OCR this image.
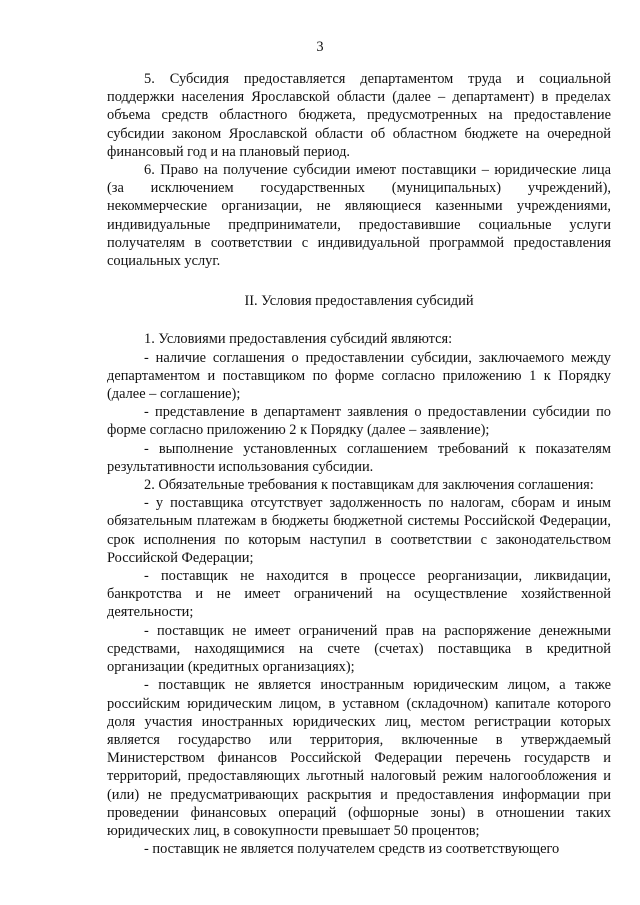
3

5. Субсидия предоставляется департаментом труда и социальной поддержки населения Ярославской области (далее – департамент) в пределах объема средств областного бюджета, предусмотренных на предоставление субсидии законом Ярославской области об областном бюджете на очередной финансовый год и на плановый период.

6. Право на получение субсидии имеют поставщики – юридические лица (за исключением государственных (муниципальных) учреждений), некоммерческие организации, не являющиеся казенными учреждениями, индивидуальные предприниматели, предоставившие социальные услуги получателям в соответствии с индивидуальной программой предоставления социальных услуг.

II. Условия предоставления субсидий

1. Условиями предоставления субсидий являются:

- наличие соглашения о предоставлении субсидии, заключаемого между департаментом и поставщиком по форме согласно приложению 1 к Порядку (далее – соглашение);

- представление в департамент заявления о предоставлении субсидии по форме согласно приложению 2 к Порядку (далее – заявление);

- выполнение установленных соглашением требований к показателям результативности использования субсидии.

2. Обязательные требования к поставщикам для заключения соглашения:

- у поставщика отсутствует задолженность по налогам, сборам и иным обязательным платежам в бюджеты бюджетной системы Российской Федерации, срок исполнения по которым наступил в соответствии с законодательством Российской Федерации;

- поставщик не находится в процессе реорганизации, ликвидации, банкротства и не имеет ограничений на осуществление хозяйственной деятельности;

- поставщик не имеет ограничений прав на распоряжение денежными средствами, находящимися на счете (счетах) поставщика в кредитной организации (кредитных организациях);

- поставщик не является иностранным юридическим лицом, а также российским юридическим лицом, в уставном (складочном) капитале которого доля участия иностранных юридических лиц, местом регистрации которых является государство или территория, включенные в утверждаемый Министерством финансов Российской Федерации перечень государств и территорий, предоставляющих льготный налоговый режим налогообложения и (или) не предусматривающих раскрытия и предоставления информации при проведении финансовых операций (офшорные зоны) в отношении таких юридических лиц, в совокупности превышает 50 процентов;

- поставщик не является получателем средств из соответствующего
